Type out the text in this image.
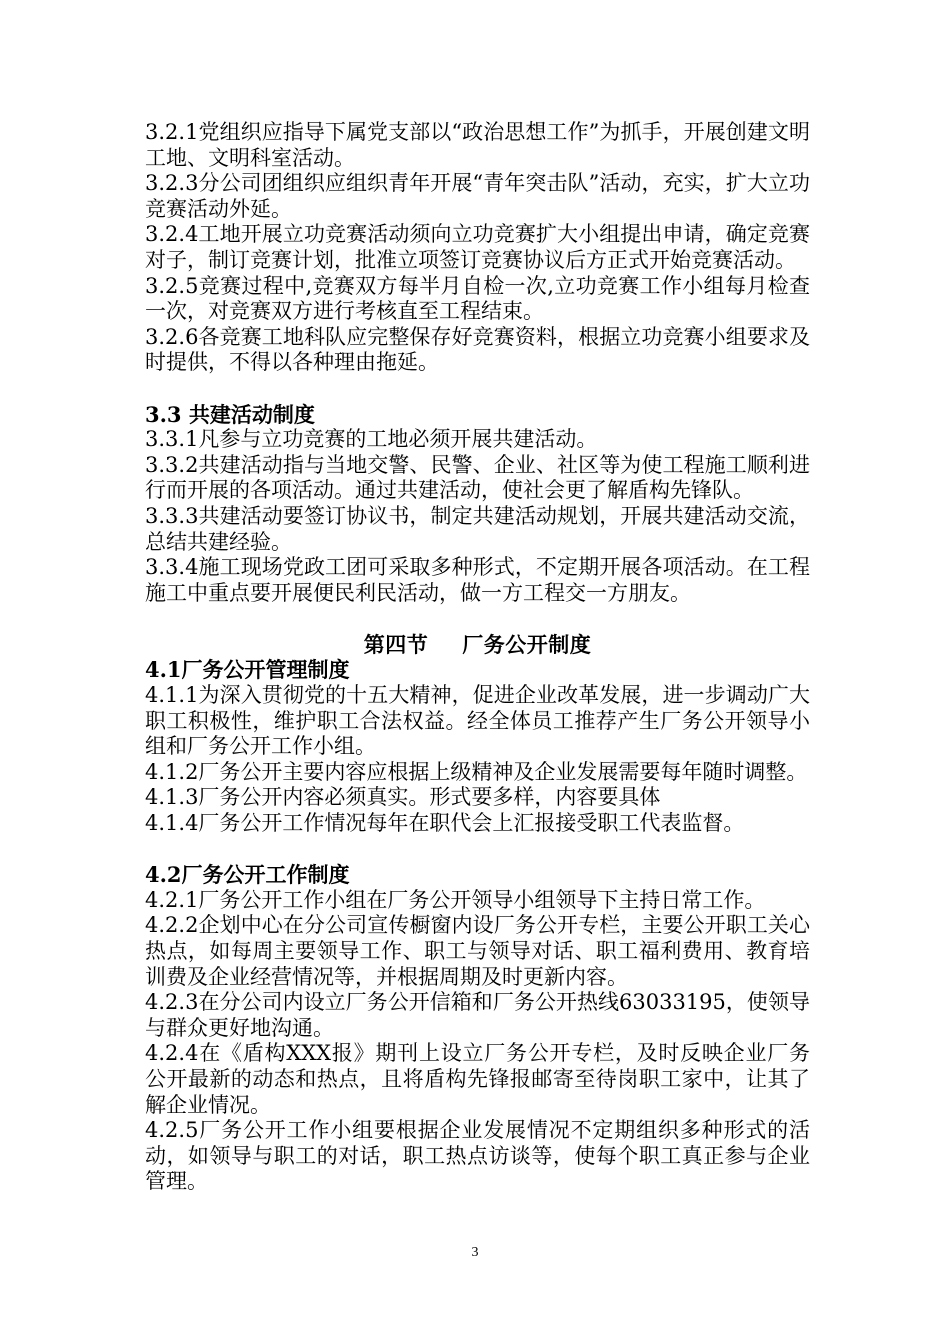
3.2.1党组织应指导下属党支部以“政治思想工作”为抓手，开展创建文明工地、文明科室活动。

3.2.3分公司团组织应组织青年开展“青年突击队”活动，充实，扩大立功竞赛活动外延。

3.2.4工地开展立功竞赛活动须向立功竞赛扩大小组提出申请，确定竞赛对子，制订竞赛计划，批准立项签订竞赛协议后方正式开始竞赛活动。

3.2.5竞赛过程中,竞赛双方每半月自检一次,立功竞赛工作小组每月检查一次，对竞赛双方进行考核直至工程结束。

3.2.6各竞赛工地科队应完整保存好竞赛资料，根据立功竞赛小组要求及时提供，不得以各种理由拖延。

3.3 共建活动制度

3.3.1凡参与立功竞赛的工地必须开展共建活动。

3.3.2共建活动指与当地交警、民警、企业、社区等为使工程施工顺利进行而开展的各项活动。通过共建活动，使社会更了解盾构先锋队。

3.3.3共建活动要签订协议书，制定共建活动规划，开展共建活动交流，总结共建经验。

3.3.4施工现场党政工团可采取多种形式，不定期开展各项活动。在工程施工中重点要开展便民利民活动，做一方工程交一方朋友。

第四节 厂务公开制度

4.1厂务公开管理制度

4.1.1为深入贯彻党的十五大精神，促进企业改革发展，进一步调动广大职工积极性，维护职工合法权益。经全体员工推荐产生厂务公开领导小组和厂务公开工作小组。

4.1.2厂务公开主要内容应根据上级精神及企业发展需要每年随时调整。

4.1.3厂务公开内容必须真实。形式要多样，内容要具体

4.1.4厂务公开工作情况每年在职代会上汇报接受职工代表监督。

4.2厂务公开工作制度

4.2.1厂务公开工作小组在厂务公开领导小组领导下主持日常工作。

4.2.2企划中心在分公司宣传橱窗内设厂务公开专栏，主要公开职工关心热点，如每周主要领导工作、职工与领导对话、职工福利费用、教育培训费及企业经营情况等，并根据周期及时更新内容。

4.2.3在分公司内设立厂务公开信箱和厂务公开热线63033195，使领导与群众更好地沟通。

4.2.4在《盾构XXX报》期刊上设立厂务公开专栏，及时反映企业厂务公开最新的动态和热点，且将盾构先锋报邮寄至待岗职工家中，让其了解企业情况。

4.2.5厂务公开工作小组要根据企业发展情况不定期组织多种形式的活动，如领导与职工的对话，职工热点访谈等，使每个职工真正参与企业管理。

3
